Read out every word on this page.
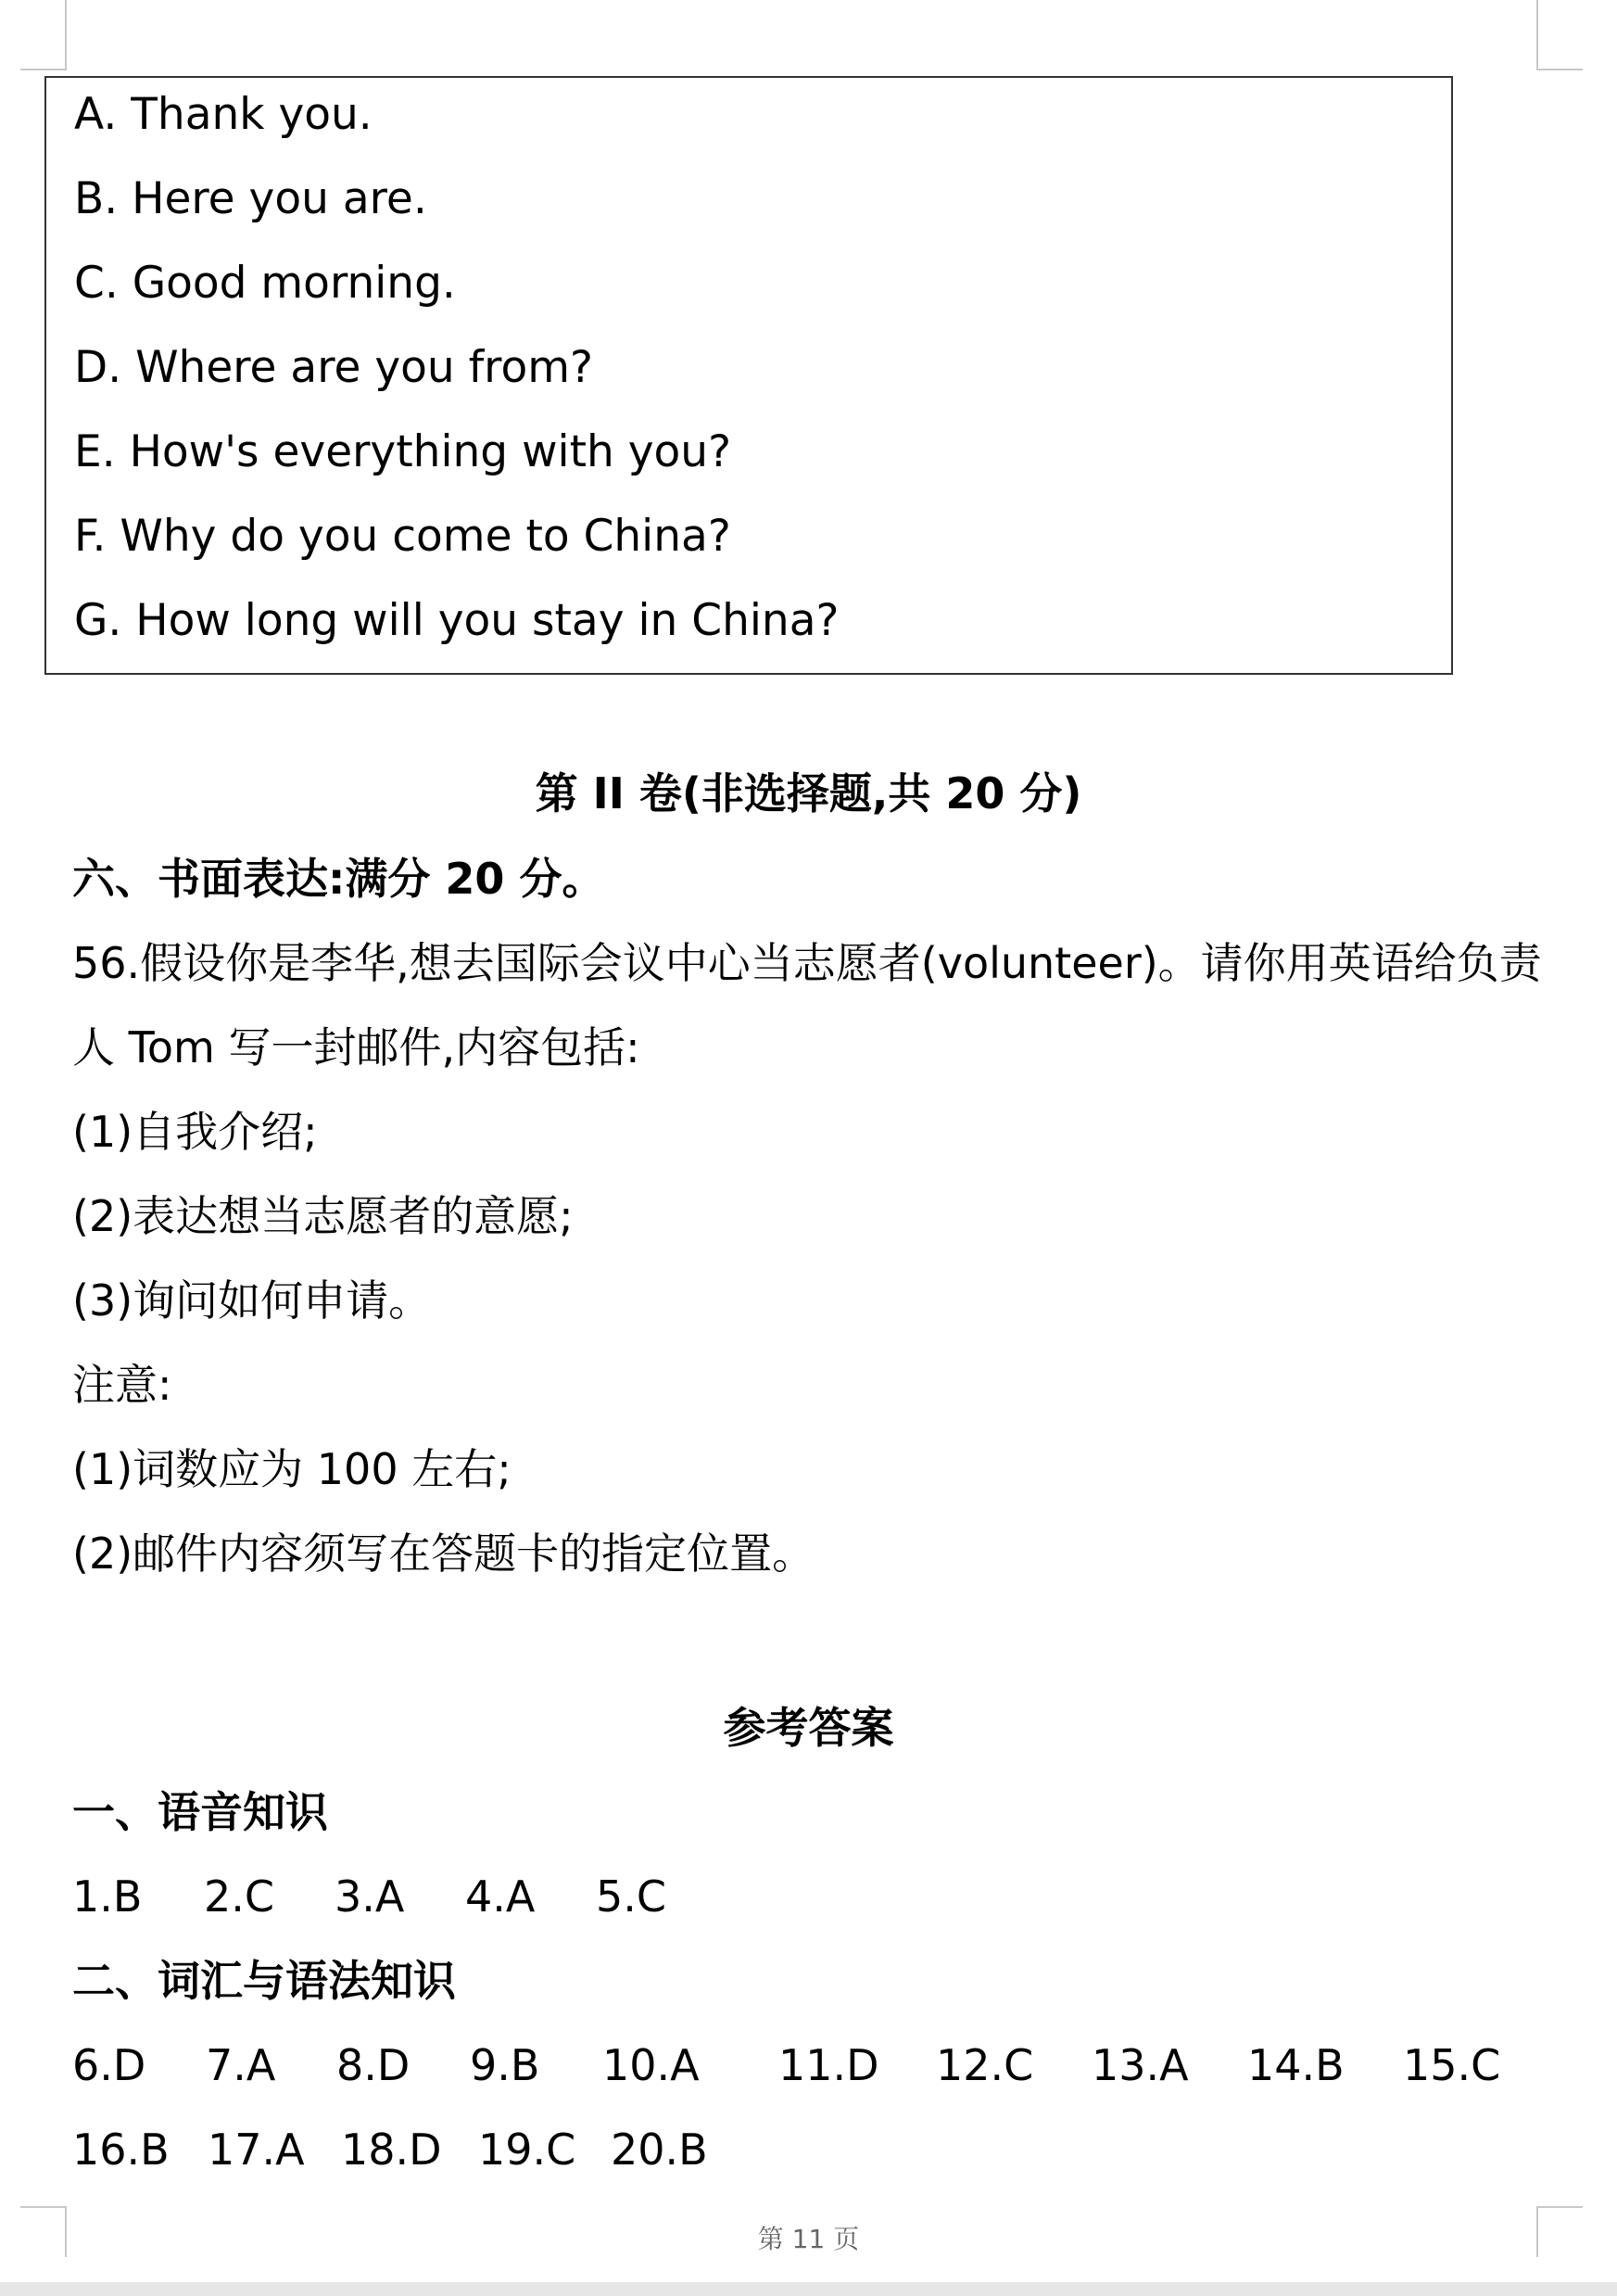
A. Thank you.
B. Here you are.
C. Good morning.
D. Where are you from?
E. How's everything with you?
F. Why do you come to China?
G. How long will you stay in China?
第 II 卷(非选择题,共 20 分)
六、书面表达:满分 20 分。
56.假设你是李华,想去国际会议中心当志愿者(volunteer)。请你用英语给负责
人 Tom 写一封邮件,内容包括:
(1)自我介绍;
(2)表达想当志愿者的意愿;
(3)询问如何申请。
注意:
(1)词数应为 100 左右;
(2)邮件内容须写在答题卡的指定位置。
参考答案
一、语音知识
1.B 2.C 3.A 4.A 5.C
二、词汇与语法知识
6.D 7.A 8.D 9.B 10.A 11.D 12.C 13.A 14.B 15.C
16.B 17.A 18.D 19.C 20.B
第 11 页
